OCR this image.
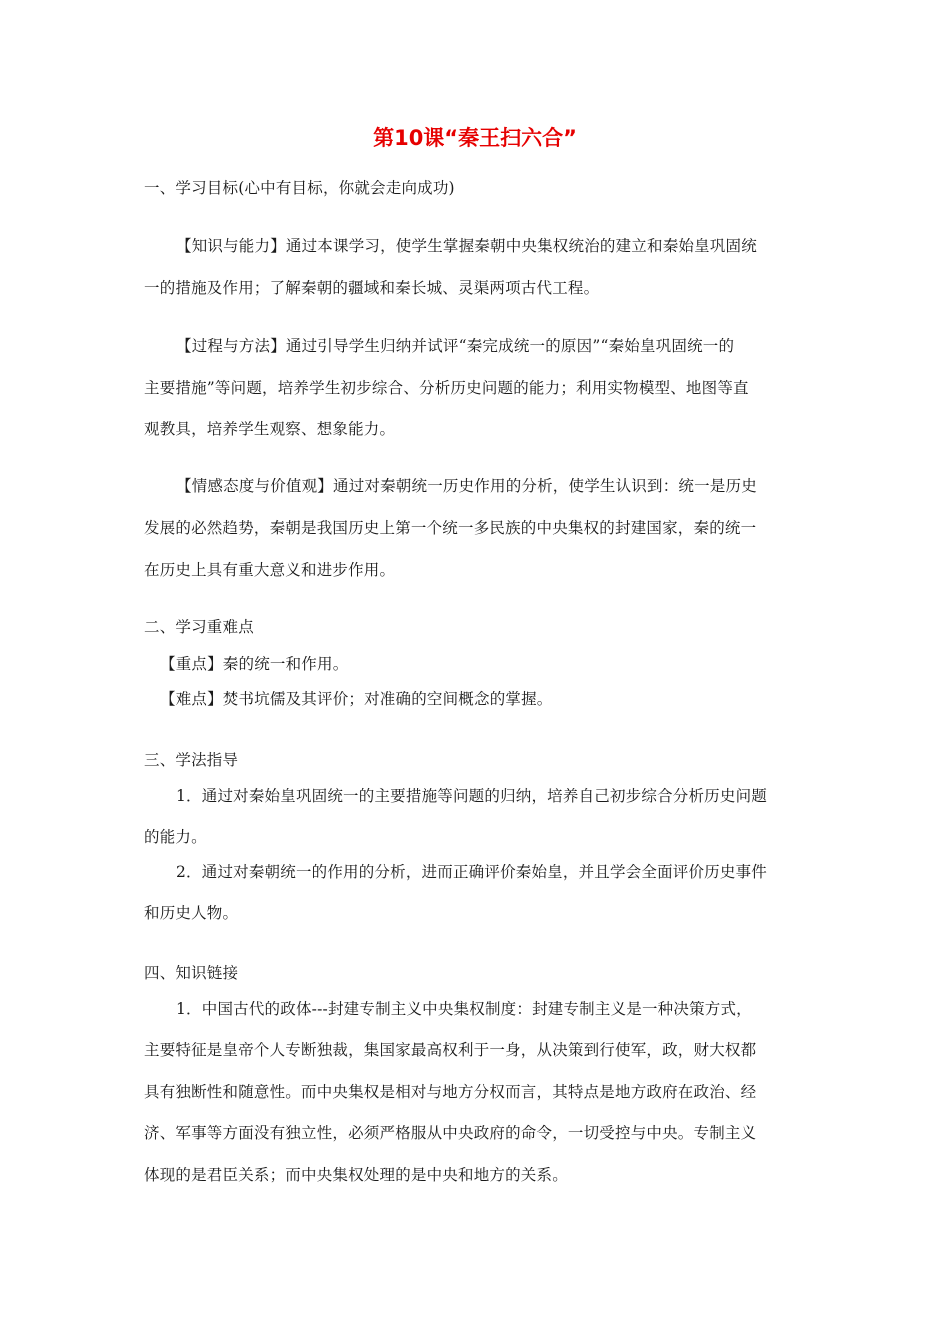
第10课“秦王扫六合”
一、学习目标(心中有目标，你就会走向成功)
【知识与能力】通过本课学习，使学生掌握秦朝中央集权统治的建立和秦始皇巩固统
一的措施及作用；了解秦朝的疆域和秦长城、灵渠两项古代工程。
【过程与方法】通过引导学生归纳并试评“秦完成统一的原因”“秦始皇巩固统一的
主要措施”等问题，培养学生初步综合、分析历史问题的能力；利用实物模型、地图等直
观教具，培养学生观察、想象能力。
【情感态度与价值观】通过对秦朝统一历史作用的分析，使学生认识到：统一是历史
发展的必然趋势，秦朝是我国历史上第一个统一多民族的中央集权的封建国家，秦的统一
在历史上具有重大意义和进步作用。
二、学习重难点
【重点】秦的统一和作用。
【难点】焚书坑儒及其评价；对准确的空间概念的掌握。
三、学法指导
1．通过对秦始皇巩固统一的主要措施等问题的归纳，培养自己初步综合分析历史问题
的能力。
2．通过对秦朝统一的作用的分析，进而正确评价秦始皇，并且学会全面评价历史事件
和历史人物。
四、知识链接
1．中国古代的政体---封建专制主义中央集权制度：封建专制主义是一种决策方式，
主要特征是皇帝个人专断独裁，集国家最高权利于一身，从决策到行使军，政，财大权都
具有独断性和随意性。而中央集权是相对与地方分权而言，其特点是地方政府在政治、经
济、军事等方面没有独立性，必须严格服从中央政府的命令，一切受控与中央。专制主义
体现的是君臣关系；而中央集权处理的是中央和地方的关系。
